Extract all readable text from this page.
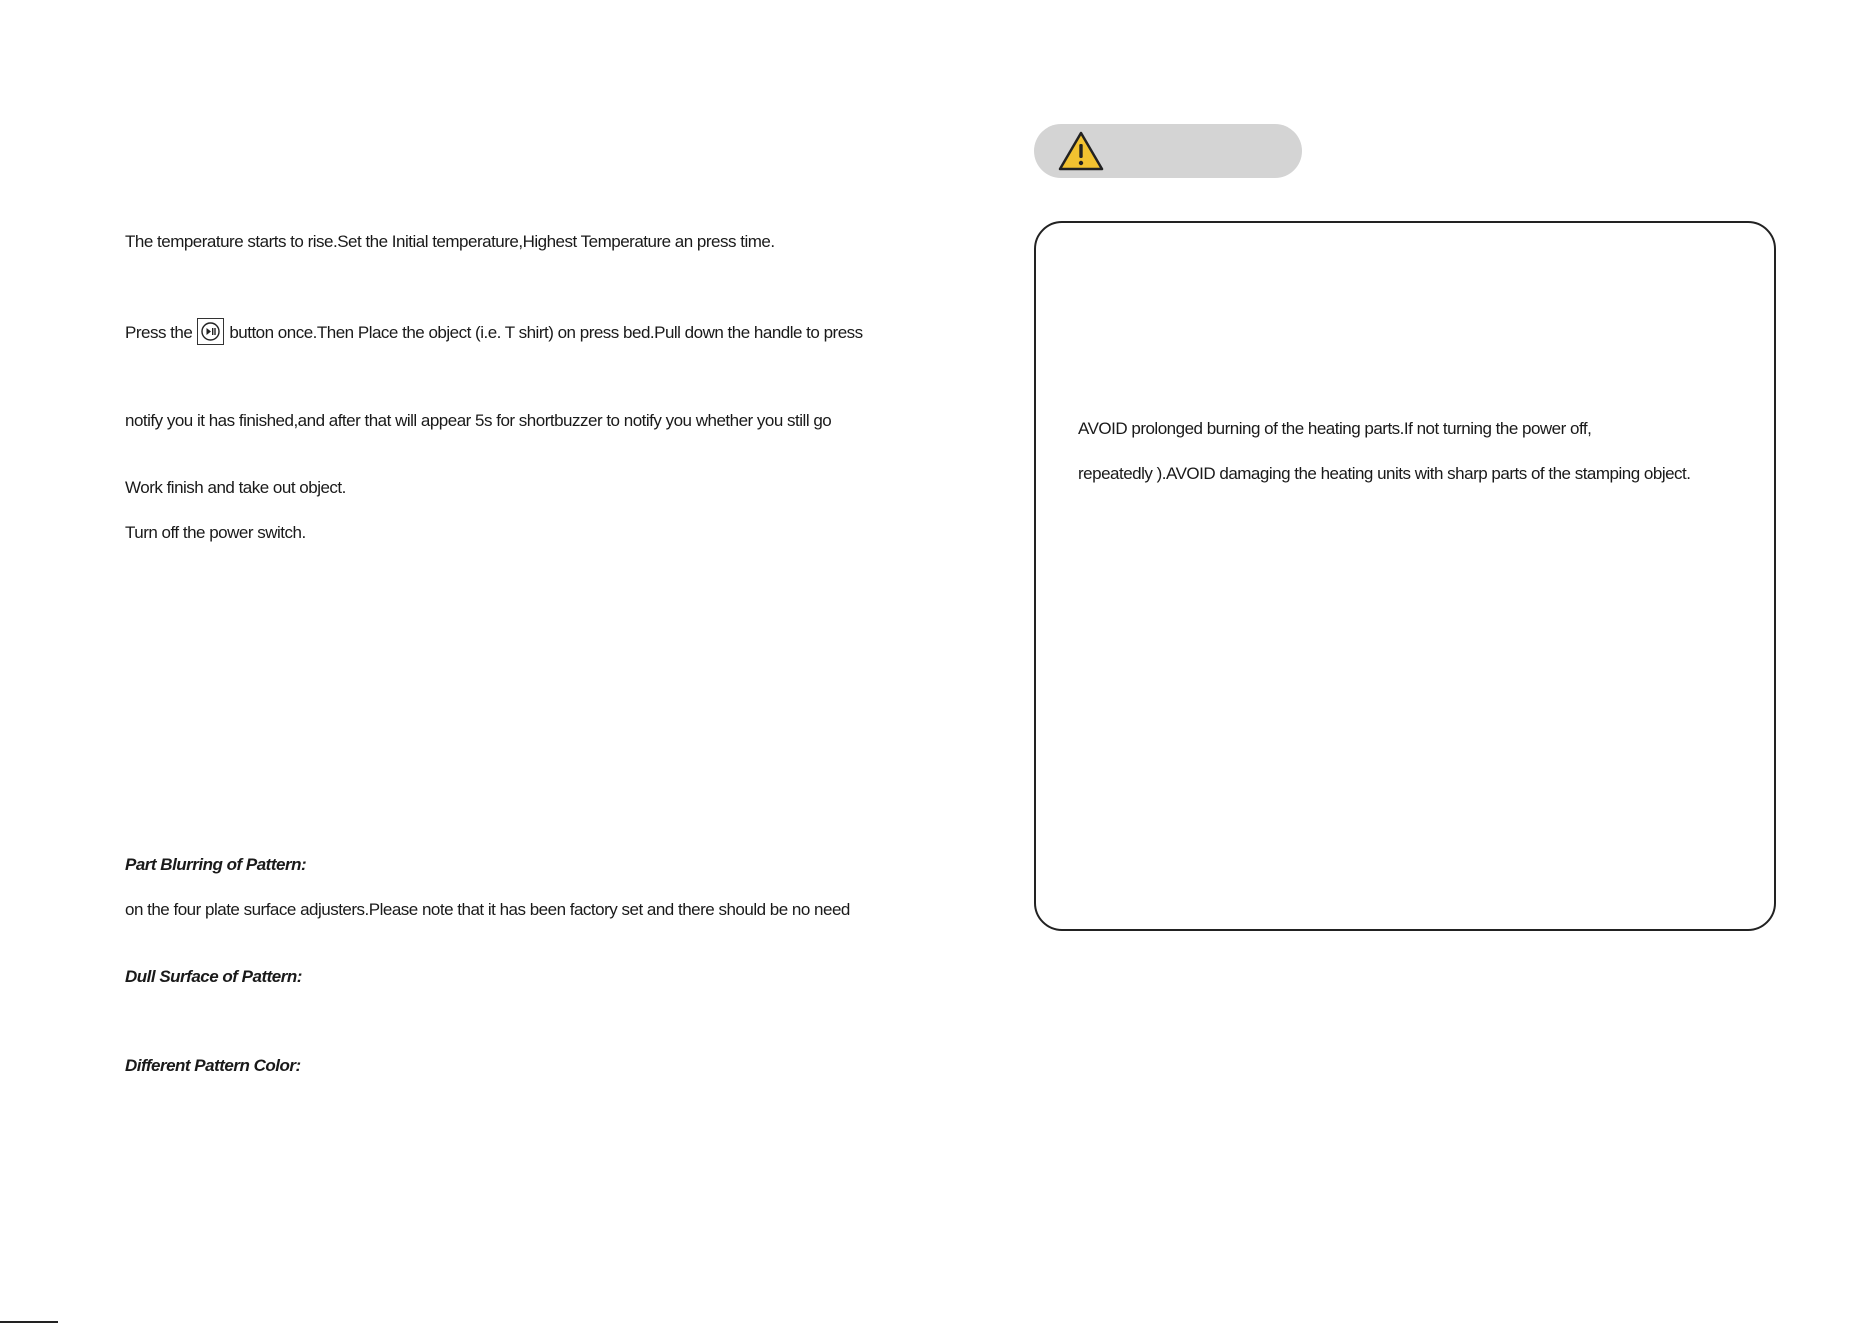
The temperature starts to rise.Set the Initial temperature,Highest Temperature an press time.

Press the button once.Then Place the object (i.e. T shirt) on press bed.Pull down the handle to press

notify you it has finished,and after that will appear 5s for shortbuzzer to notify you whether you still go

Work finish and take out object.

Turn off the power switch.

Part Blurring of Pattern:

on the four plate surface adjusters.Please note that it has been factory set and there should be no need

Dull Surface of Pattern:

Different Pattern Color:

AVOID prolonged burning of the heating parts.If not turning the power off,

repeatedly ).AVOID damaging the heating units with sharp parts of the stamping object.
